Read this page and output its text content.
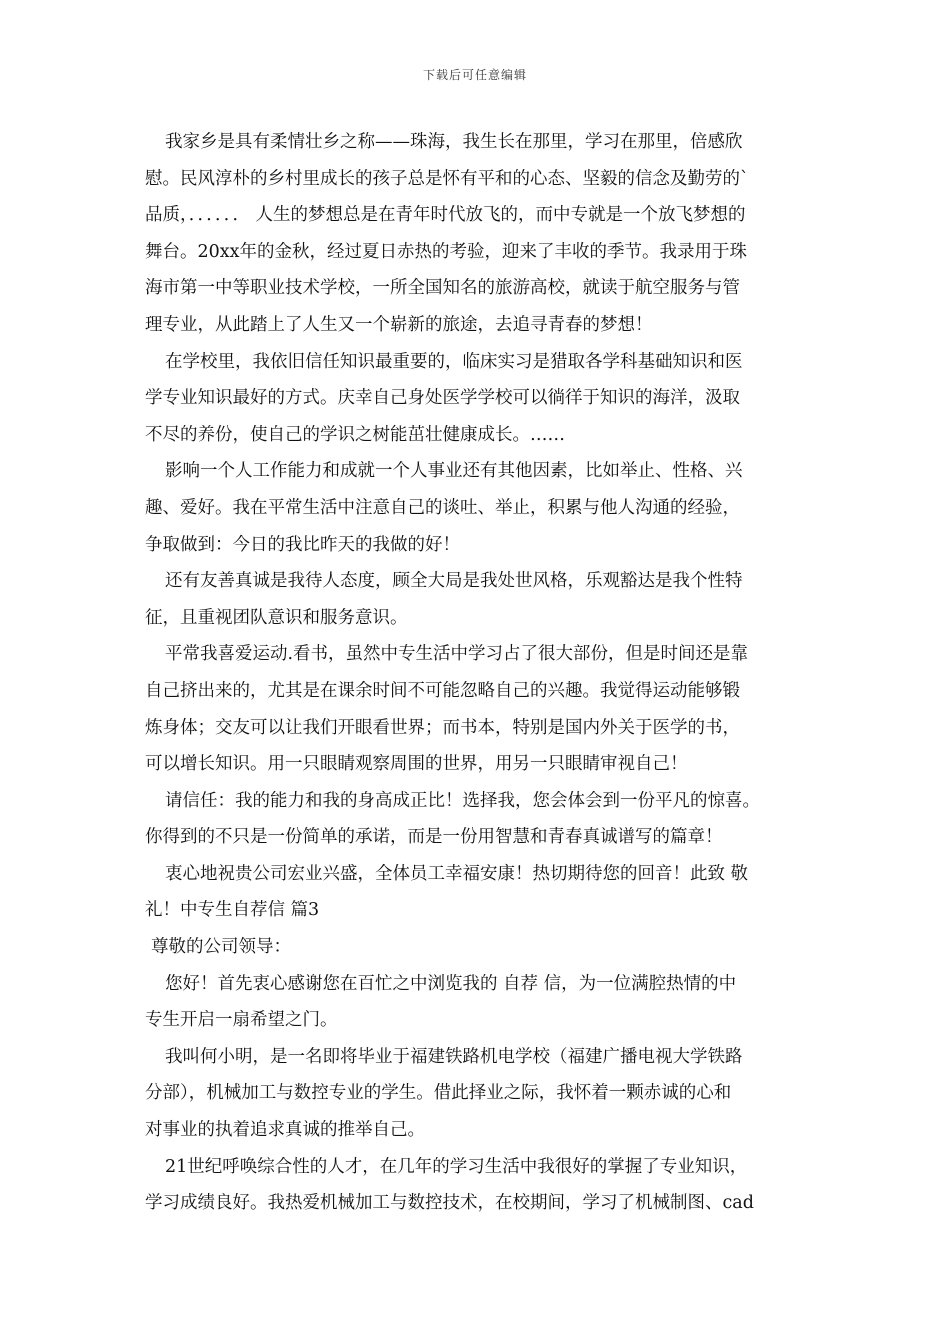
下载后可任意编辑
我家乡是具有柔情壮乡之称——珠海，我生长在那里，学习在那里，倍感欣
慰。民风淳朴的乡村里成长的孩子总是怀有平和的心态、坚毅的信念及勤劳的`
品质，．．．．．． 人生的梦想总是在青年时代放飞的，而中专就是一个放飞梦想的
舞台。20xx年的金秋，经过夏日赤热的考验，迎来了丰收的季节。我录用于珠
海市第一中等职业技术学校，一所全国知名的旅游高校，就读于航空服务与管
理专业，从此踏上了人生又一个崭新的旅途，去追寻青春的梦想！
在学校里，我依旧信任知识最重要的，临床实习是猎取各学科基础知识和医
学专业知识最好的方式。庆幸自己身处医学学校可以徜徉于知识的海洋，汲取
不尽的养份，使自己的学识之树能茁壮健康成长。……
影响一个人工作能力和成就一个人事业还有其他因素，比如举止、性格、兴
趣、爱好。我在平常生活中注意自己的谈吐、举止，积累与他人沟通的经验，
争取做到：今日的我比昨天的我做的好！
还有友善真诚是我待人态度，顾全大局是我处世风格，乐观豁达是我个性特
征，且重视团队意识和服务意识。
平常我喜爱运动.看书，虽然中专生活中学习占了很大部份，但是时间还是靠
自己挤出来的，尤其是在课余时间不可能忽略自己的兴趣。我觉得运动能够锻
炼身体；交友可以让我们开眼看世界；而书本，特别是国内外关于医学的书，
可以增长知识。用一只眼睛观察周围的世界，用另一只眼睛审视自己！
请信任：我的能力和我的身高成正比！选择我，您会体会到一份平凡的惊喜。
你得到的不只是一份简单的承诺，而是一份用智慧和青春真诚谱写的篇章！
衷心地祝贵公司宏业兴盛，全体员工幸福安康！热切期待您的回音！此致 敬
礼！中专生自荐信 篇3
尊敬的公司领导：
您好！首先衷心感谢您在百忙之中浏览我的 自荐 信，为一位满腔热情的中
专生开启一扇希望之门。
我叫何小明，是一名即将毕业于福建铁路机电学校（福建广播电视大学铁路
分部），机械加工与数控专业的学生。借此择业之际，我怀着一颗赤诚的心和
对事业的执着追求真诚的推举自己。
21世纪呼唤综合性的人才，在几年的学习生活中我很好的掌握了专业知识，
学习成绩良好。我热爱机械加工与数控技术，在校期间，学习了机械制图、cad
